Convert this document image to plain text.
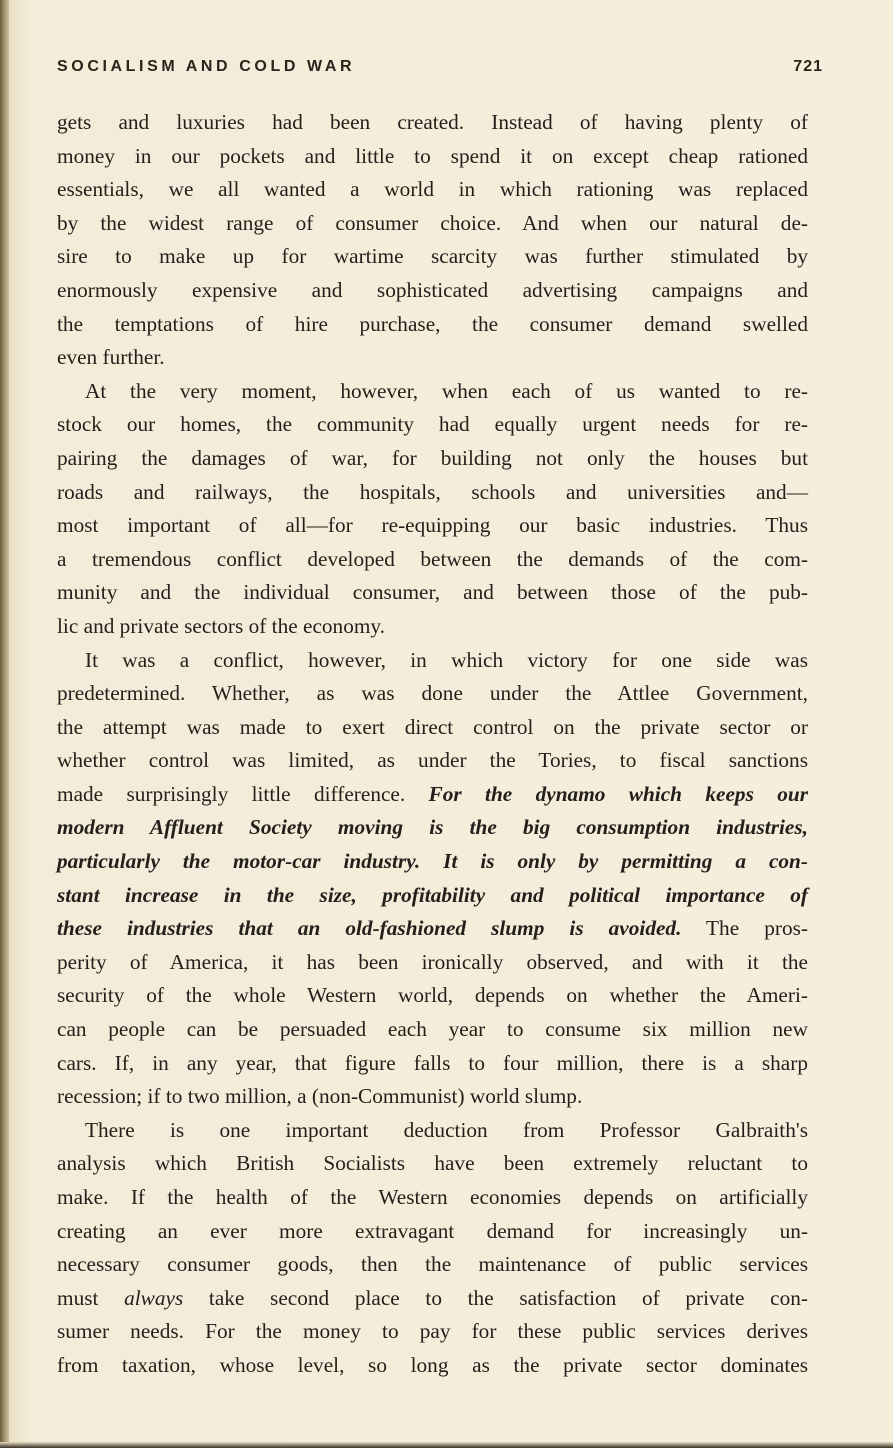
SOCIALISM AND COLD WAR	721
gets and luxuries had been created. Instead of having plenty of
money in our pockets and little to spend it on except cheap rationed
essentials, we all wanted a world in which rationing was replaced
by the widest range of consumer choice. And when our natural de-
sire to make up for wartime scarcity was further stimulated by
enormously expensive and sophisticated advertising campaigns and
the temptations of hire purchase, the consumer demand swelled
even further.
At the very moment, however, when each of us wanted to re-
stock our homes, the community had equally urgent needs for re-
pairing the damages of war, for building not only the houses but
roads and railways, the hospitals, schools and universities and—
most important of all—for re-equipping our basic industries. Thus
a tremendous conflict developed between the demands of the com-
munity and the individual consumer, and between those of the pub-
lic and private sectors of the economy.
It was a conflict, however, in which victory for one side was
predetermined. Whether, as was done under the Attlee Government,
the attempt was made to exert direct control on the private sector or
whether control was limited, as under the Tories, to fiscal sanctions
made surprisingly little difference. For the dynamo which keeps our
modern Affluent Society moving is the big consumption industries,
particularly the motor-car industry. It is only by permitting a con-
stant increase in the size, profitability and political importance of
these industries that an old-fashioned slump is avoided. The pros-
perity of America, it has been ironically observed, and with it the
security of the whole Western world, depends on whether the Ameri-
can people can be persuaded each year to consume six million new
cars. If, in any year, that figure falls to four million, there is a sharp
recession; if to two million, a (non-Communist) world slump.
There is one important deduction from Professor Galbraith's
analysis which British Socialists have been extremely reluctant to
make. If the health of the Western economies depends on artificially
creating an ever more extravagant demand for increasingly un-
necessary consumer goods, then the maintenance of public services
must always take second place to the satisfaction of private con-
sumer needs. For the money to pay for these public services derives
from taxation, whose level, so long as the private sector dominates
